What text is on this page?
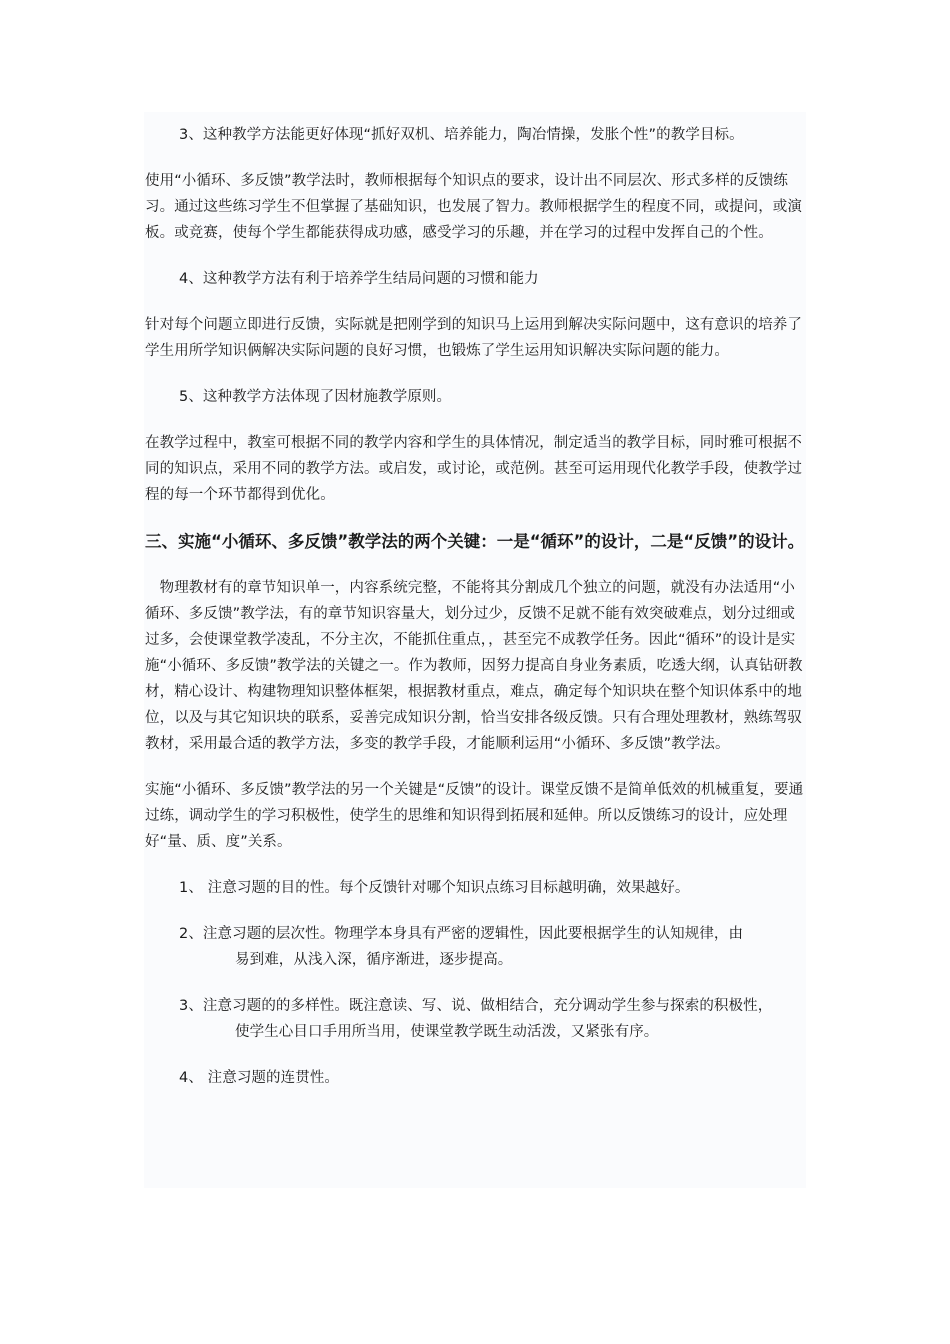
3、这种教学方法能更好体现“抓好双机、培养能力，陶冶情操，发胀个性”的教学目标。

使用“小循环、多反馈”教学法时，教师根据每个知识点的要求，设计出不同层次、形式多样的反馈练习。通过这些练习学生不但掌握了基础知识，也发展了智力。教师根据学生的程度不同，或提问，或演板。或竞赛，使每个学生都能获得成功感，感受学习的乐趣，并在学习的过程中发挥自己的个性。

4、这种教学方法有利于培养学生结局问题的习惯和能力

针对每个问题立即进行反馈，实际就是把刚学到的知识马上运用到解决实际问题中，这有意识的培养了学生用所学知识俩解决实际问题的良好习惯，也锻炼了学生运用知识解决实际问题的能力。

5、这种教学方法体现了因材施教学原则。

在教学过程中，教室可根据不同的教学内容和学生的具体情况，制定适当的教学目标，同时雅可根据不同的知识点，采用不同的教学方法。或启发，或讨论，或范例。甚至可运用现代化教学手段，使教学过程的每一个环节都得到优化。

三、实施“小循环、多反馈”教学法的两个关键：一是“循环”的设计，二是“反馈”的设计。

　物理教材有的章节知识单一，内容系统完整，不能将其分割成几个独立的问题，就没有办法适用“小循环、多反馈”教学法，有的章节知识容量大，划分过少，反馈不足就不能有效突破难点，划分过细或过多，会使课堂教学凌乱，不分主次，不能抓住重点，，甚至完不成教学任务。因此“循环”的设计是实施“小循环、多反馈”教学法的关键之一。作为教师，因努力提高自身业务素质，吃透大纲，认真钻研教材，精心设计、构建物理知识整体框架，根据教材重点，难点，确定每个知识块在整个知识体系中的地位，以及与其它知识块的联系，妥善完成知识分割，恰当安排各级反馈。只有合理处理教材，熟练驾驭教材，采用最合适的教学方法，多变的教学手段，才能顺利运用“小循环、多反馈”教学法。

实施“小循环、多反馈”教学法的另一个关键是“反馈”的设计。课堂反馈不是简单低效的机械重复，要通过练，调动学生的学习积极性，使学生的思维和知识得到拓展和延伸。所以反馈练习的设计，应处理好“量、质、度”关系。

1、 注意习题的目的性。每个反馈针对哪个知识点练习目标越明确，效果越好。

2、注意习题的层次性。物理学本身具有严密的逻辑性，因此要根据学生的认知规律，由
易到难，从浅入深，循序渐进，逐步提高。

3、注意习题的的多样性。既注意读、写、说、做相结合，充分调动学生参与探索的积极性，
使学生心目口手用所当用，使课堂教学既生动活泼，又紧张有序。

4、 注意习题的连贯性。
